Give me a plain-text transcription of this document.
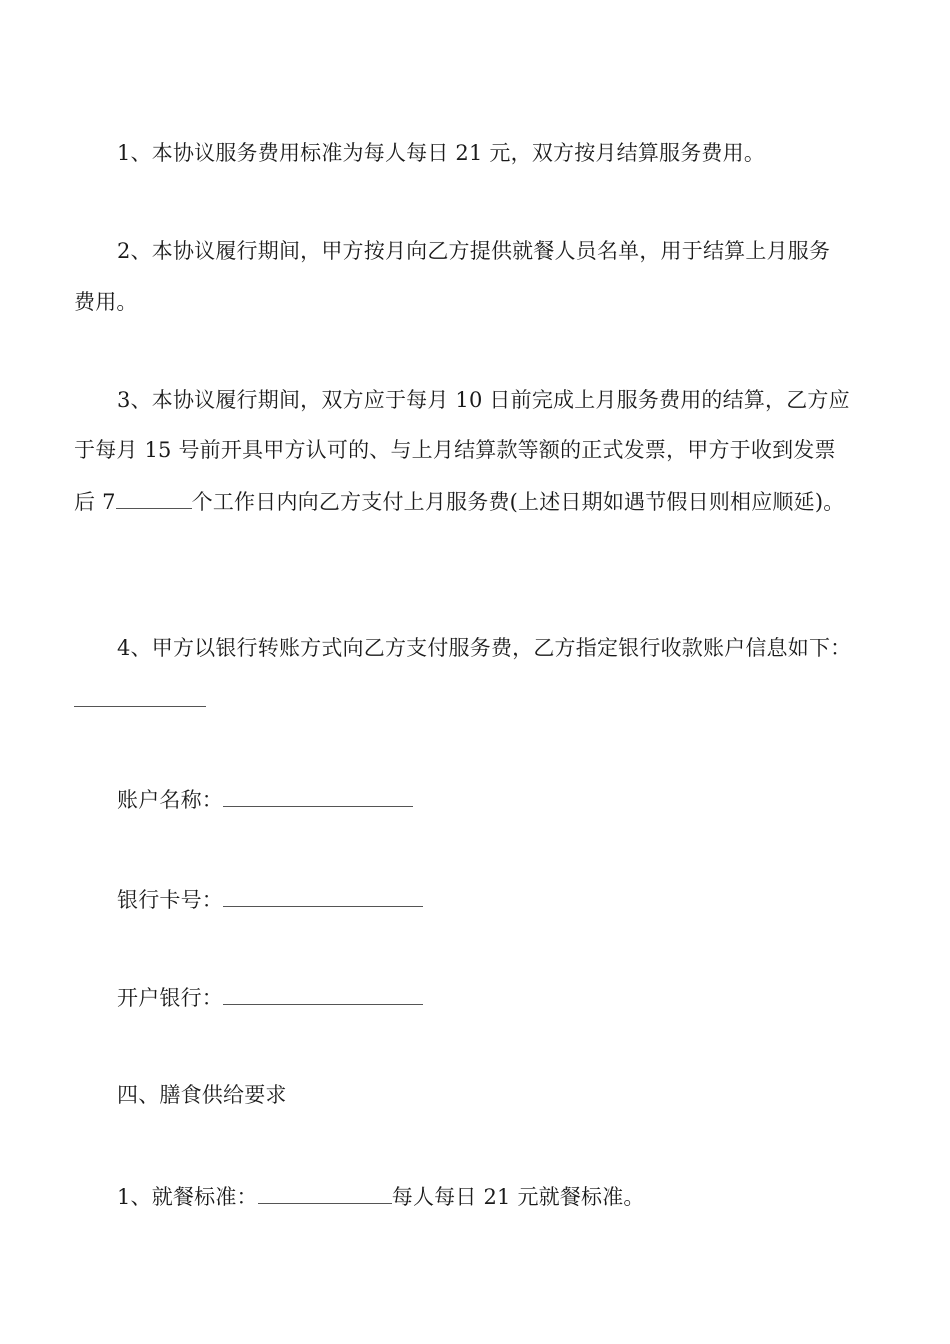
1、本协议服务费用标准为每人每日 21 元，双方按月结算服务费用。
2、本协议履行期间，甲方按月向乙方提供就餐人员名单，用于结算上月服务
费用。
3、本协议履行期间，双方应于每月 10 日前完成上月服务费用的结算，乙方应
于每月 15 号前开具甲方认可的、与上月结算款等额的正式发票，甲方于收到发票
后 7	个工作日内向乙方支付上月服务费(上述日期如遇节假日则相应顺延)。
4、甲方以银行转账方式向乙方支付服务费，乙方指定银行收款账户信息如下：
账户名称：
银行卡号：
开户银行：
四、膳食供给要求
1、就餐标准：	每人每日 21 元就餐标准。
